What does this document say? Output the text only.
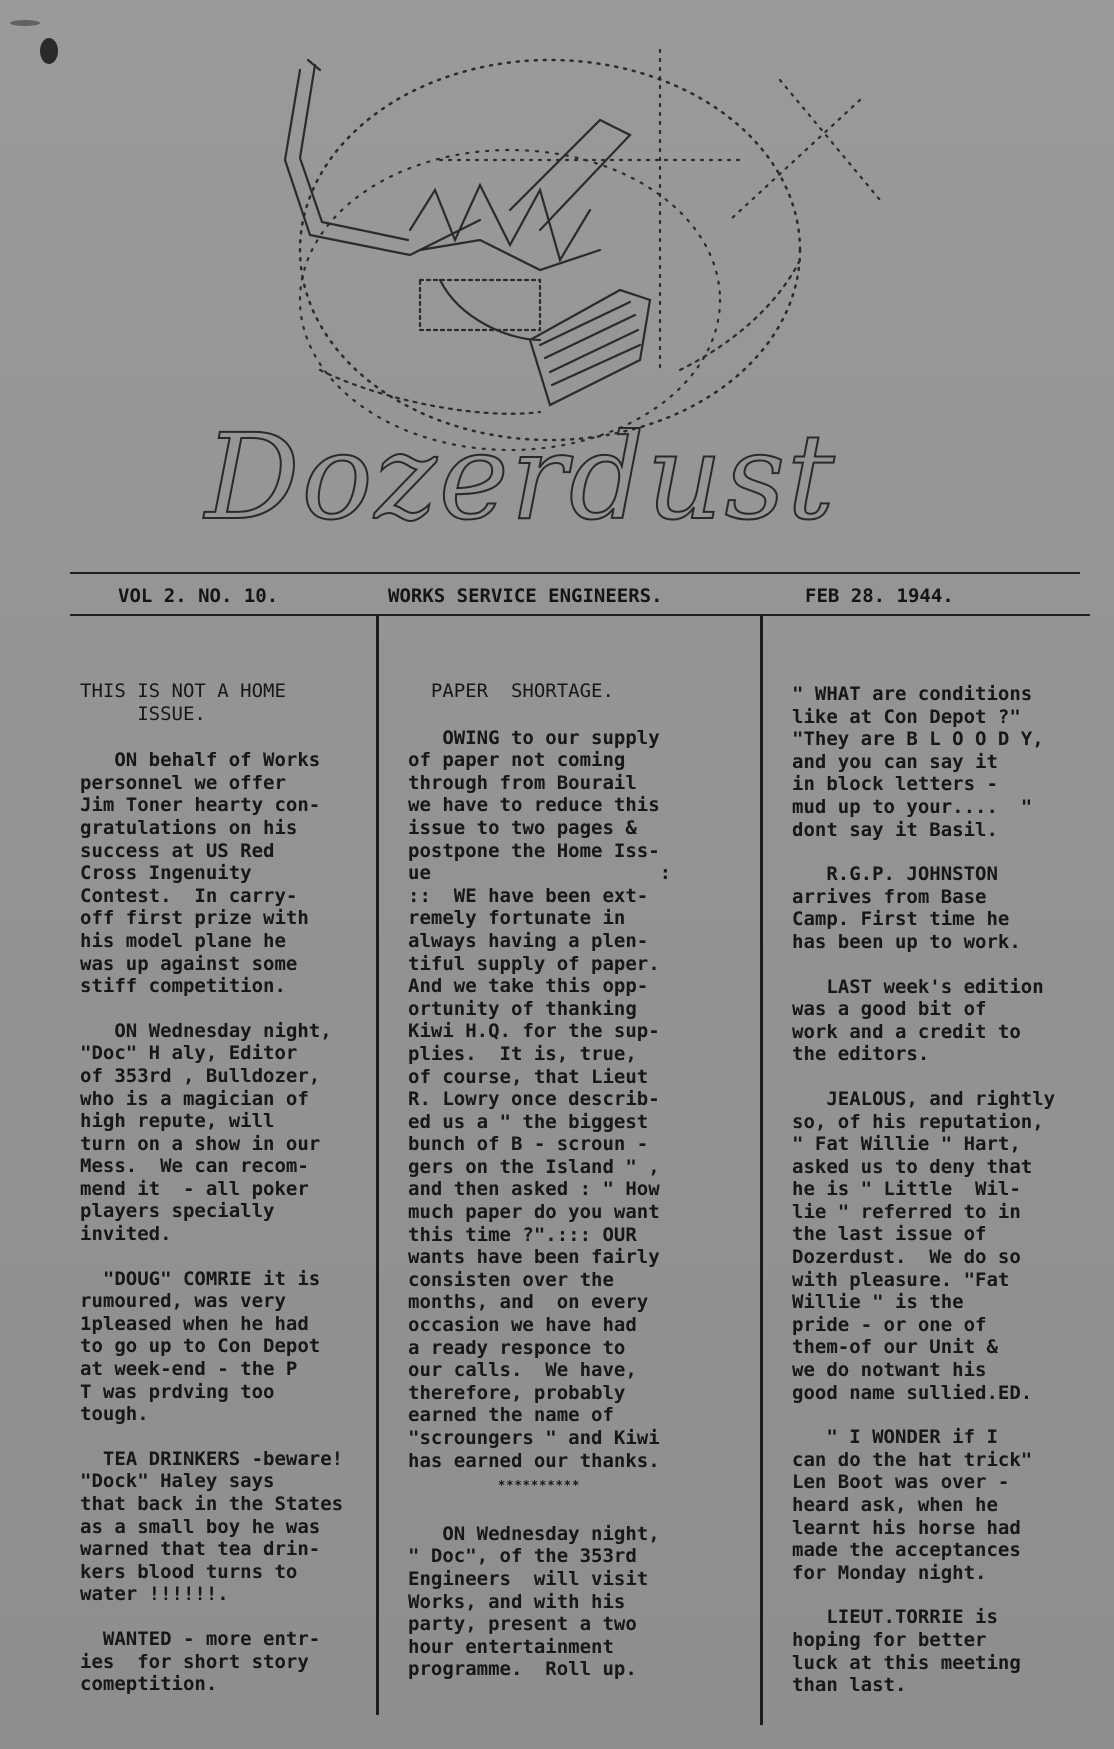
Dozerdust
VOL 2. NO. 10.	WORKS SERVICE ENGINEERS.	FEB 28. 1944.
THIS IS NOT A HOME
ISSUE.
ON behalf of Works
personnel we offer
Jim Toner hearty con-
gratulations on his
success at US Red
Cross Ingenuity
Contest.  In carry-
off first prize with
his model plane he
was up against some
stiff competition.
ON Wednesday night,
"Doc" H aly, Editor
of 353rd , Bulldozer,
who is a magician of
high repute, will
turn on a show in our
Mess.  We can recom-
mend it  - all poker
players specially
invited.
"DOUG" COMRIE it is
rumoured, was very
1pleased when he had
to go up to Con Depot
at week-end - the P
T was prdving too
tough.
TEA DRINKERS -beware!
"Dock" Haley says
that back in the States
as a small boy he was
warned that tea drin-
kers blood turns to
water !!!!!!.
WANTED - more entr-
ies  for short story
comeptition.
PAPER  SHORTAGE.
OWING to our supply
of paper not coming
through from Bourail
we have to reduce this
issue to two pages &
postpone the Home Iss-
ue                    :
::  WE have been ext-
remely fortunate in
always having a plen-
tiful supply of paper.
And we take this opp-
ortunity of thanking
Kiwi H.Q. for the sup-
plies.  It is, true,
of course, that Lieut
R. Lowry once describ-
ed us a " the biggest
bunch of B - scroun -
gers on the Island " ,
and then asked : " How
much paper do you want
this time ?".::: OUR
wants have been fairly
consisten over the
months, and  on every
occasion we have had
a ready responce to
our calls.  We have,
therefore, probably
earned the name of
"scroungers " and Kiwi
has earned our thanks.
**********
ON Wednesday night,
" Doc", of the 353rd
Engineers  will visit
Works, and with his
party, present a two
hour entertainment
programme.  Roll up.
" WHAT are conditions
like at Con Depot ?"
"They are B L O O D Y,
and you can say it
in block letters -
mud up to your....  "
dont say it Basil.
R.G.P. JOHNSTON
arrives from Base
Camp. First time he
has been up to work.
LAST week's edition
was a good bit of
work and a credit to
the editors.
JEALOUS, and rightly
so, of his reputation,
" Fat Willie " Hart,
asked us to deny that
he is " Little  Wil-
lie " referred to in
the last issue of
Dozerdust.  We do so
with pleasure. "Fat
Willie " is the
pride - or one of
them-of our Unit &
we do notwant his
good name sullied.ED.
" I WONDER if I
can do the hat trick"
Len Boot was over -
heard ask, when he
learnt his horse had
made the acceptances
for Monday night.
LIEUT.TORRIE is
hoping for better
luck at this meeting
than last.
